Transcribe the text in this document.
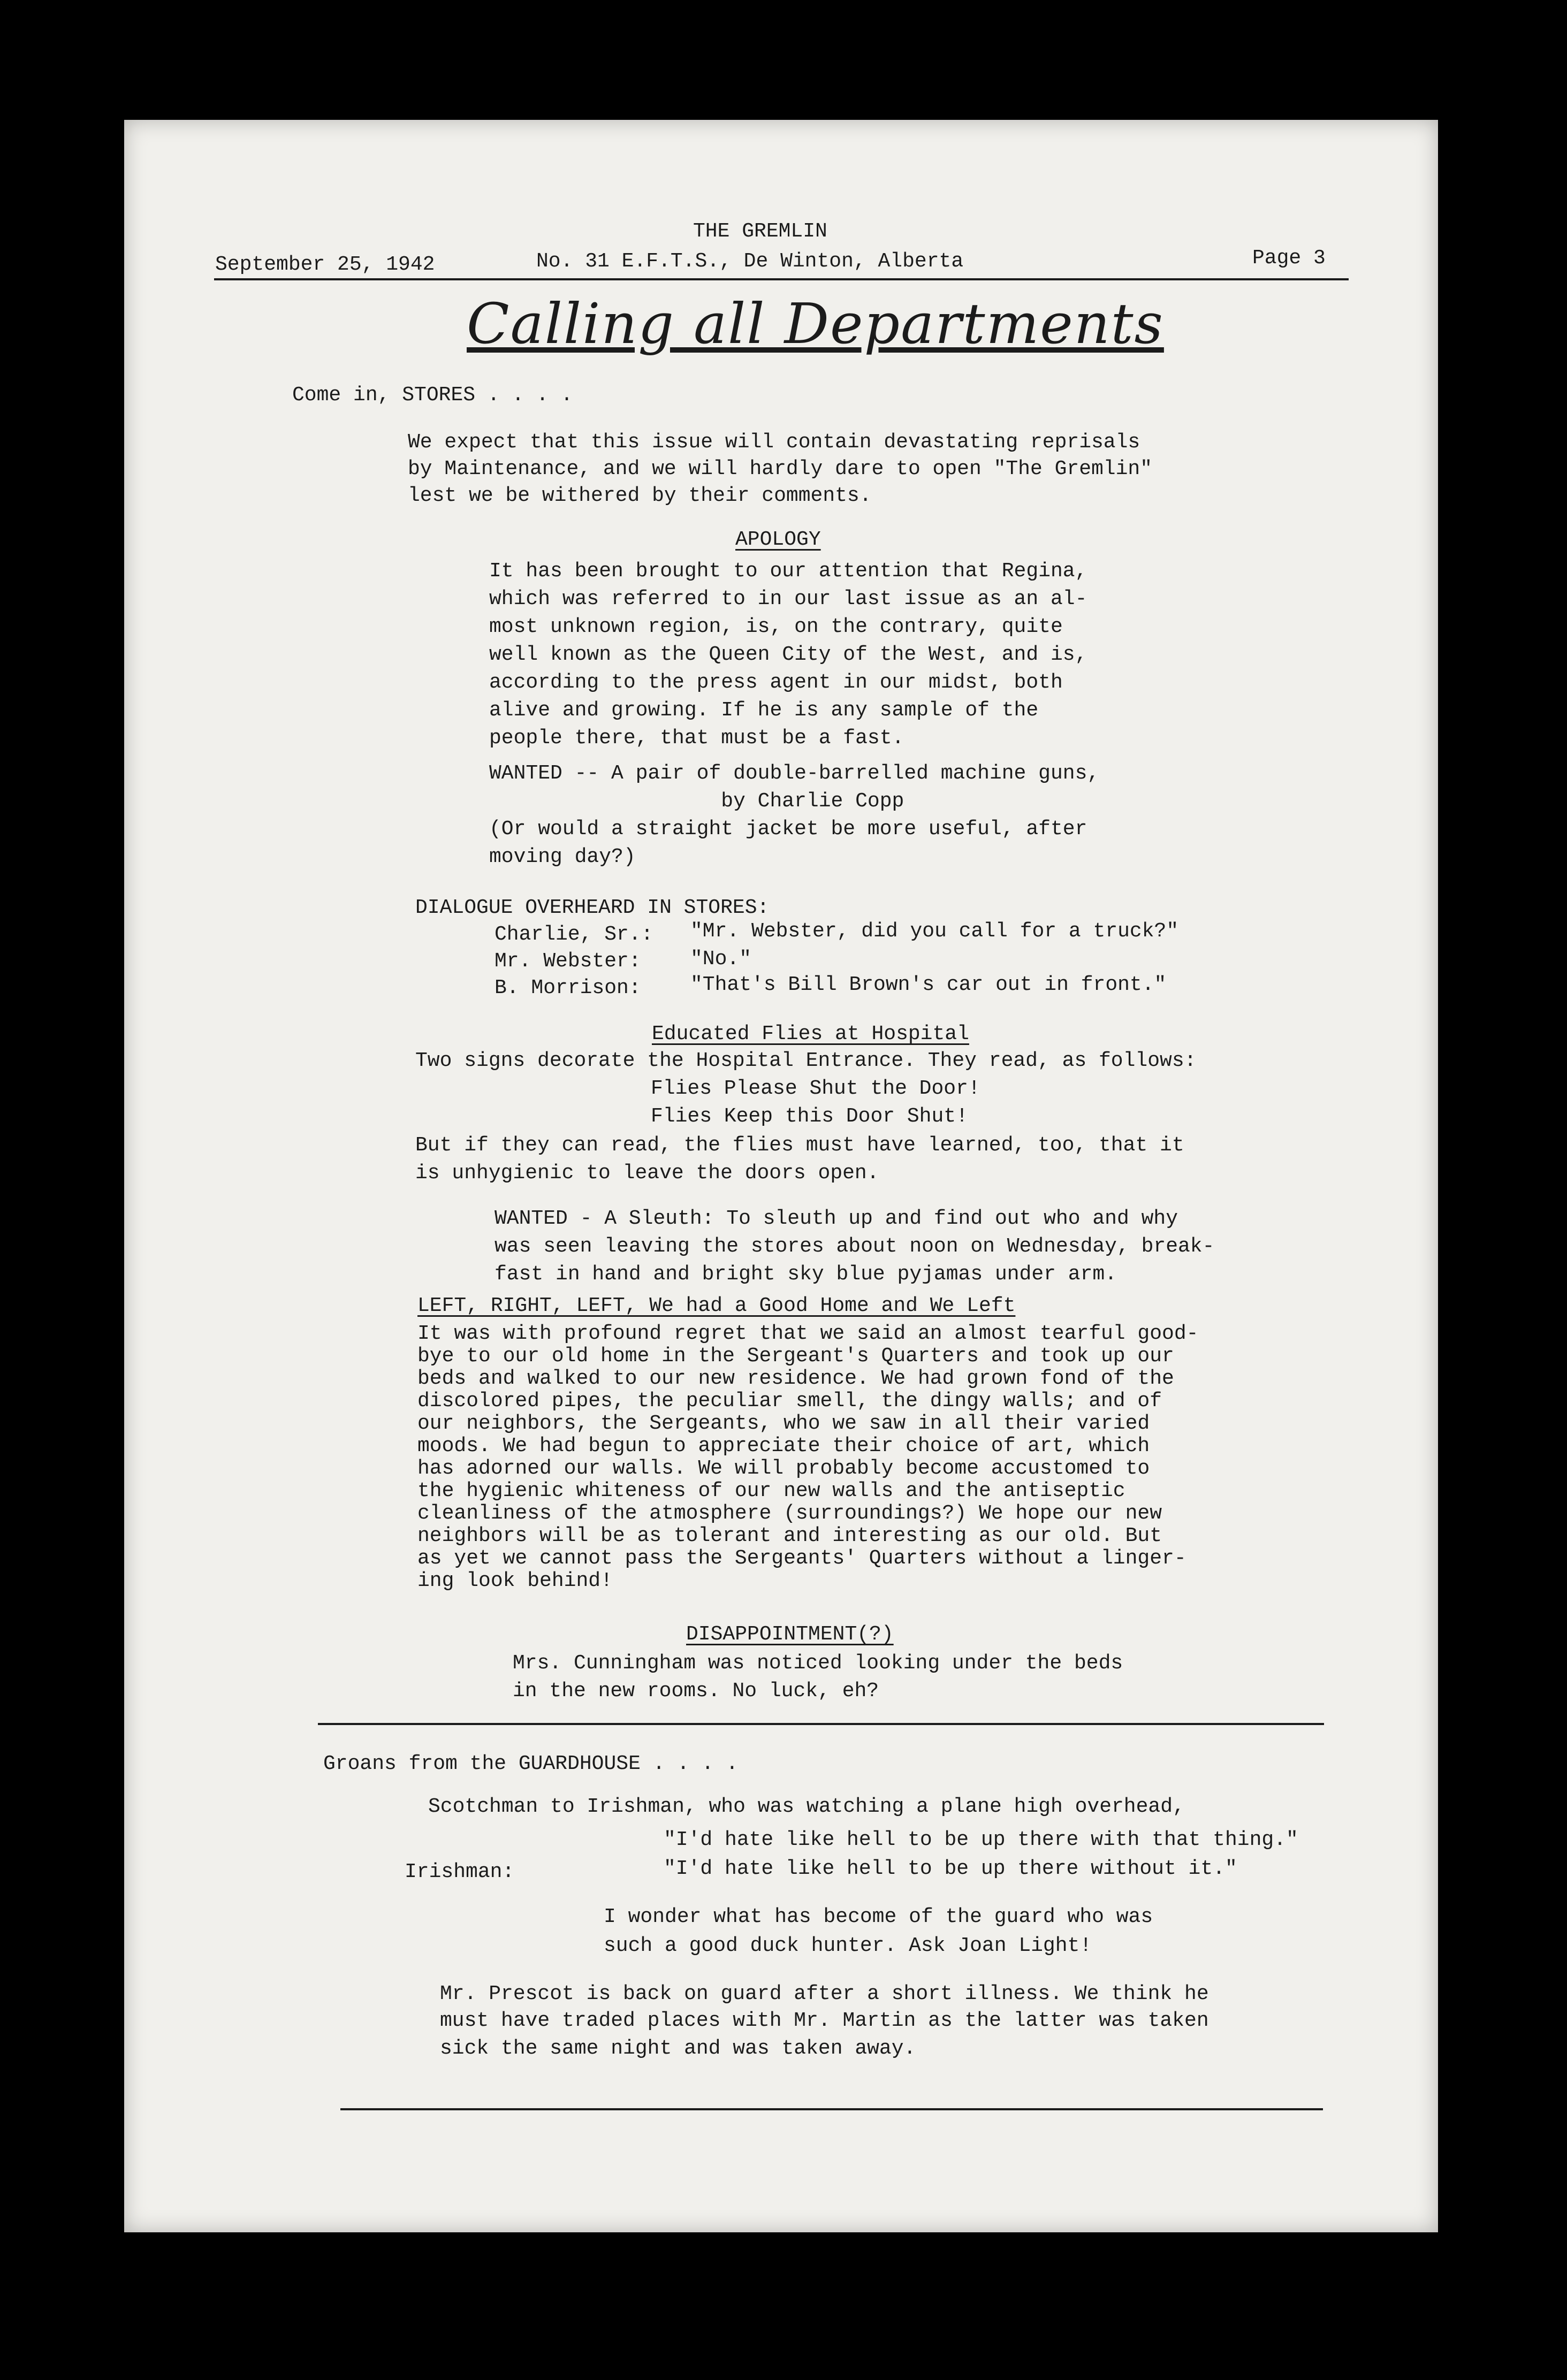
THE GREMLIN
September 25, 1942	No. 31 E.F.T.S., De Winton, Alberta	Page 3
Calling all Departments
Come in, STORES . . . .
We expect that this issue will contain devastating reprisals
by Maintenance, and we will hardly dare to open "The Gremlin"
lest we be withered by their comments.
APOLOGY
It has been brought to our attention that Regina,
which was referred to in our last issue as an al-
most unknown region, is, on the contrary, quite
well known as the Queen City of the West, and is,
according to the press agent in our midst, both
alive and growing. If he is any sample of the
people there, that must be a fast.
WANTED -- A pair of double-barrelled machine guns,
by Charlie Copp
(Or would a straight jacket be more useful, after
moving day?)
DIALOGUE OVERHEARD IN STORES:
Charlie, Sr.: "Mr. Webster, did you call for a truck?"
Mr. Webster: "No."
B. Morrison: "That's Bill Brown's car out in front."
Educated Flies at Hospital
Two signs decorate the Hospital Entrance. They read, as follows:
Flies Please Shut the Door!
Flies Keep this Door Shut!
But if they can read, the flies must have learned, too, that it
is unhygienic to leave the doors open.
WANTED - A Sleuth: To sleuth up and find out who and why
was seen leaving the stores about noon on Wednesday, break-
fast in hand and bright sky blue pyjamas under arm.
LEFT, RIGHT, LEFT, We had a Good Home and We Left
It was with profound regret that we said an almost tearful good-
bye to our old home in the Sergeant's Quarters and took up our
beds and walked to our new residence. We had grown fond of the
discolored pipes, the peculiar smell, the dingy walls; and of
our neighbors, the Sergeants, who we saw in all their varied
moods. We had begun to appreciate their choice of art, which
has adorned our walls. We will probably become accustomed to
the hygienic whiteness of our new walls and the antiseptic
cleanliness of the atmosphere (surroundings?) We hope our new
neighbors will be as tolerant and interesting as our old. But
as yet we cannot pass the Sergeants' Quarters without a linger-
ing look behind!
DISAPPOINTMENT(?)
Mrs. Cunningham was noticed looking under the beds
in the new rooms. No luck, eh?
Groans from the GUARDHOUSE . . . .
Scotchman to Irishman, who was watching a plane high overhead,
"I'd hate like hell to be up there with that thing."
Irishman:	"I'd hate like hell to be up there without it."
I wonder what has become of the guard who was
such a good duck hunter. Ask Joan Light!
Mr. Prescot is back on guard after a short illness. We think he
must have traded places with Mr. Martin as the latter was taken
sick the same night and was taken away.
